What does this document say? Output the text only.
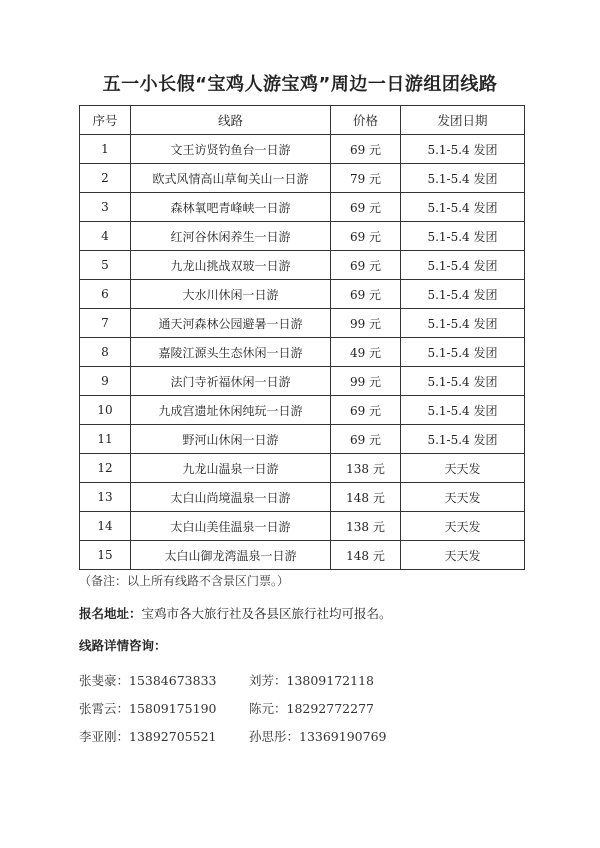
五一小长假“宝鸡人游宝鸡”周边一日游组团线路
序号	线路	价格	发团日期
1	文王访贤钓鱼台一日游	69 元	5.1-5.4 发团
2	欧式风情高山草甸关山一日游	79 元	5.1-5.4 发团
3	森林氧吧青峰峡一日游	69 元	5.1-5.4 发团
4	红河谷休闲养生一日游	69 元	5.1-5.4 发团
5	九龙山挑战双玻一日游	69 元	5.1-5.4 发团
6	大水川休闲一日游	69 元	5.1-5.4 发团
7	通天河森林公园避暑一日游	99 元	5.1-5.4 发团
8	嘉陵江源头生态休闲一日游	49 元	5.1-5.4 发团
9	法门寺祈福休闲一日游	99 元	5.1-5.4 发团
10	九成宫遗址休闲纯玩一日游	69 元	5.1-5.4 发团
11	野河山休闲一日游	69 元	5.1-5.4 发团
12	九龙山温泉一日游	138 元	天天发
13	太白山尚境温泉一日游	148 元	天天发
14	太白山美佳温泉一日游	138 元	天天发
15	太白山御龙湾温泉一日游	148 元	天天发
（备注：以上所有线路不含景区门票。）
报名地址：宝鸡市各大旅行社及各县区旅行社均可报名。
线路详情咨询：
张斐豪：15384673833	刘芳：13809172118
张霄云：15809175190	陈元：18292772277
李亚刚：13892705521	孙思彤：13369190769
